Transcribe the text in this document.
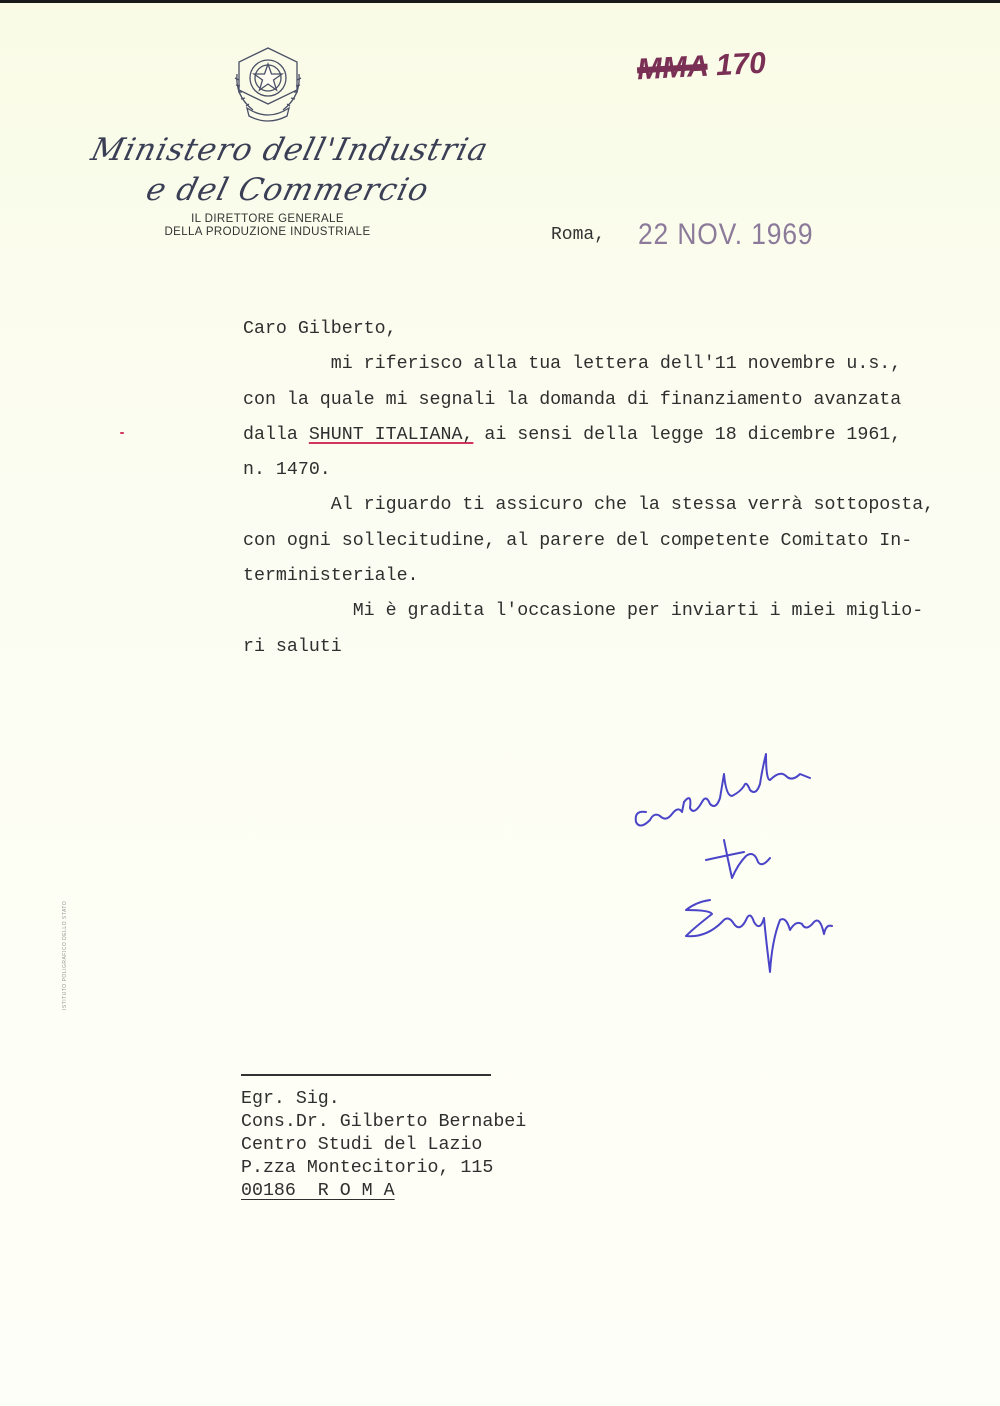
Ministero dell'Industria
e del Commercio
IL DIRETTORE GENERALE
DELLA PRODUZIONE INDUSTRIALE
MMA 170
Roma, 22 NOV. 1969

Caro Gilberto,

mi riferisco alla tua lettera dell'11 novembre u.s.,

con la quale mi segnali la domanda di finanziamento avanzata

dalla SHUNT ITALIANA, ai sensi della legge 18 dicembre 1961,

n. 1470.

Al riguardo ti assicuro che la stessa verrà sottoposta,

con ogni sollecitudine, al parere del competente Comitato In-

terministeriale.

Mi è gradita l'occasione per inviarti i miei miglio-

ri saluti

Egr. Sig.
Cons.Dr. Gilberto Bernabei
Centro Studi del Lazio
P.zza Montecitorio, 115
00186  R O M A
ISTITUTO POLIGRAFICO DELLO STATO
